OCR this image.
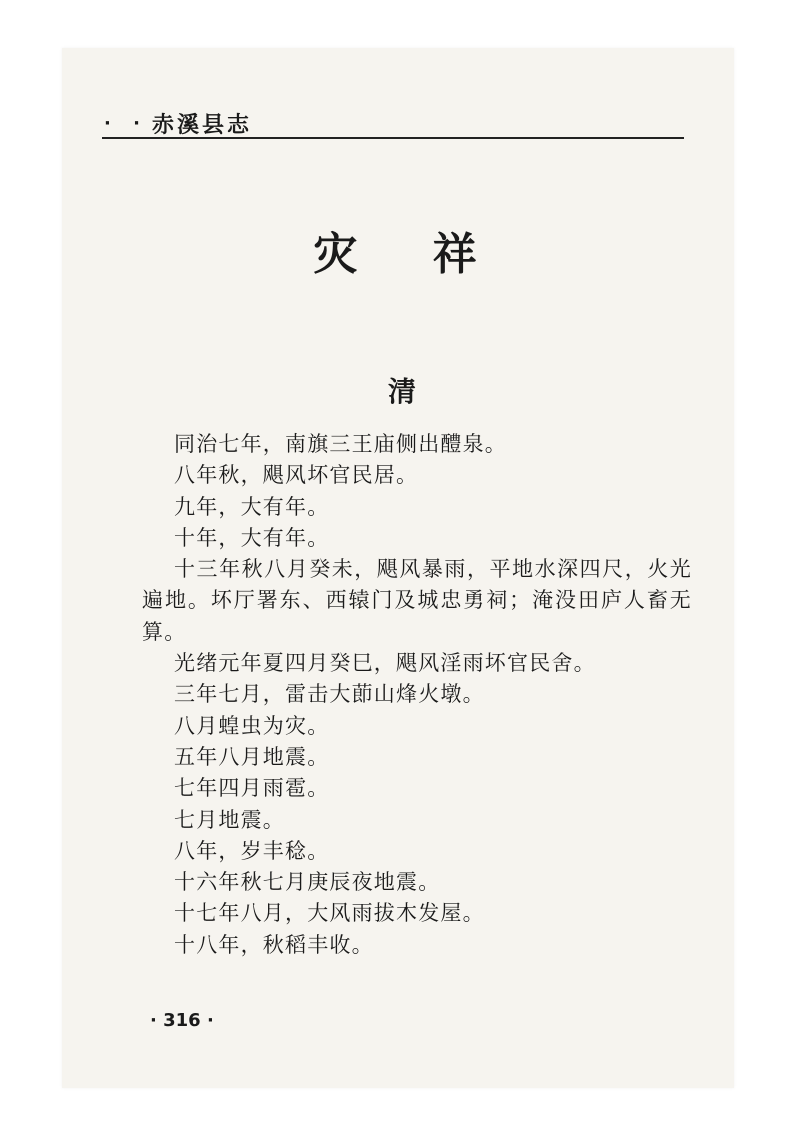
· · 赤溪县志
灾 祥
清

同治七年，南旗三王庙侧出醴泉。

八年秋，飓风坏官民居。

九年，大有年。

十年，大有年。

十三年秋八月癸未，飓风暴雨，平地水深四尺，火光遍地。坏厅署东、西辕门及城忠勇祠；淹没田庐人畜无算。

光绪元年夏四月癸巳，飓风淫雨坏官民舍。

三年七月，雷击大莭山烽火墩。

八月蝗虫为灾。

五年八月地震。

七年四月雨雹。

七月地震。

八年，岁丰稔。

十六年秋七月庚辰夜地震。

十七年八月，大风雨拔木发屋。

十八年，秋稻丰收。

· 316 ·
